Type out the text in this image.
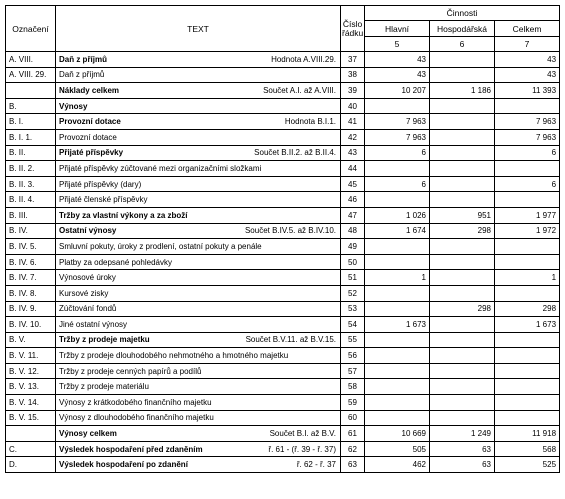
Označení	TEXT	Číslo řádku	Činnosti		
			Hlavní	Hospodářská	Celkem
			5	6	7
A. VIII.	Daň z příjmů Hodnota A.VIII.29.	37	43		43
A. VIII. 29.	Daň z příjmů	38	43		43
	Náklady celkem Součet A.I. až A.VIII.	39	10 207	1 186	11 393
B.	Výnosy	40			
B. I.	Provozní dotace Hodnota B.I.1.	41	7 963		7 963
B. I. 1.	Provozní dotace	42	7 963		7 963
B. II.	Přijaté příspěvky Součet B.II.2. až B.II.4.	43	6		6
B. II. 2.	Přijaté příspěvky zúčtované mezi organizačními složkami	44			
B. II. 3.	Přijaté příspěvky (dary)	45	6		6
B. II. 4.	Přijaté členské příspěvky	46			
B. III.	Tržby za vlastní výkony a za zboží	47	1 026	951	1 977
B. IV.	Ostatní výnosy Součet B.IV.5. až B.IV.10.	48	1 674	298	1 972
B. IV. 5.	Smluvní pokuty, úroky z prodlení, ostatní pokuty a penále	49			
B. IV. 6.	Platby za odepsané pohledávky	50			
B. IV. 7.	Výnosové úroky	51	1		1
B. IV. 8.	Kursové zisky	52			
B. IV. 9.	Zúčtování fondů	53		298	298
B. IV. 10.	Jiné ostatní výnosy	54	1 673		1 673
B. V.	Tržby z prodeje majetku Součet B.V.11. až B.V.15.	55			
B. V. 11.	Tržby z prodeje dlouhodobého nehmotného a hmotného majetku	56			
B. V. 12.	Tržby z prodeje cenných papírů a podílů	57			
B. V. 13.	Tržby z prodeje materiálu	58			
B. V. 14.	Výnosy z krátkodobého finančního majetku	59			
B. V. 15.	Výnosy z dlouhodobého finančního majetku	60			
	Výnosy celkem Součet B.I. až B.V.	61	10 669	1 249	11 918
C.	Výsledek hospodaření před zdaněním ř. 61 - (ř. 39 - ř. 37)	62	505	63	568
D.	Výsledek hospodaření po zdanění ř. 62 - ř. 37	63	462	63	525
